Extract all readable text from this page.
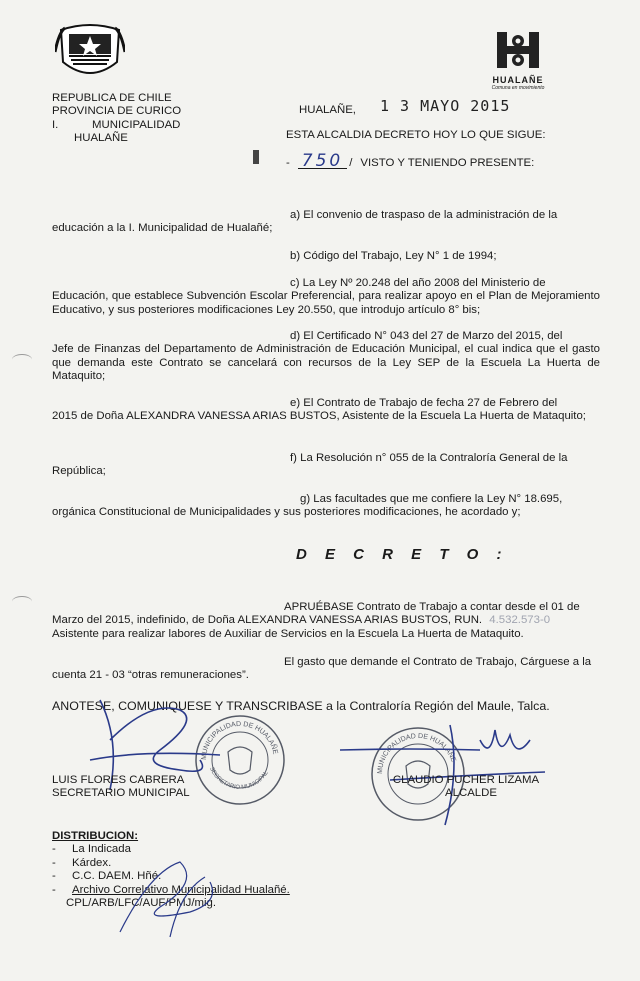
REPUBLICA DE CHILE
PROVINCIA DE CURICO
I.	MUNICIPALIDAD
HUALAÑE
HUALAÑE
Comuna en movimiento
HUALAÑE, 1 3 MAYO 2015
ESTA ALCALDIA DECRETO HOY LO QUE SIGUE:
- 750 / VISTO Y TENIENDO PRESENTE:
a) El convenio de traspaso de la administración de la
educación a la I. Municipalidad de Hualañé;
b) Código del Trabajo, Ley N° 1 de 1994;
c) La Ley Nº 20.248 del año 2008 del Ministerio de
Educación, que establece Subvención Escolar Preferencial, para realizar apoyo en el Plan de Mejoramiento Educativo, y sus posteriores modificaciones Ley 20.550, que introdujo artículo 8° bis;
d) El Certificado N° 043 del 27 de Marzo del 2015, del
Jefe de Finanzas del Departamento de Administración de Educación Municipal, el cual indica que el gasto que demanda este Contrato se cancelará con recursos de la Ley SEP de la Escuela La Huerta de Mataquito;
e) El Contrato de Trabajo de fecha 27 de Febrero del
2015 de Doña ALEXANDRA VANESSA ARIAS BUSTOS, Asistente de la Escuela La Huerta de Mataquito;
f) La Resolución n° 055 de la Contraloría General de la
República;
g) Las facultades que me confiere la Ley N° 18.695,
orgánica Constitucional de Municipalidades y sus posteriores modificaciones, he acordado y;
D E C R E T O :
APRUÉBASE Contrato de Trabajo a contar desde el 01 de
Marzo del 2015, indefinido, de Doña ALEXANDRA VANESSA ARIAS BUSTOS, RUN. 4.532.573-0
Asistente para realizar labores de Auxiliar de Servicios en la Escuela La Huerta de Mataquito.
El gasto que demande el Contrato de Trabajo, Cárguese a la
cuenta 21 - 03 “otras remuneraciones”.
ANOTESE, COMUNIQUESE Y TRANSCRIBASE a la Contraloría Región del Maule, Talca.
MUNICIPALIDAD DE HUALAÑE
SECRETARIO MUNICIPAL	MUNICIPALIDAD DE HUALAÑE
LUIS FLORES CABRERA
SECRETARIO MUNICIPAL
CLAUDIO PUCHER LIZAMA
ALCALDE
DISTRIBUCION:
-	La Indicada
-	Kárdex.
-	C.C. DAEM. Hñé.
-	Archivo Correlativo Municipalidad Hualañé.
CPL/ARB/LFC/AUF/PMJ/mig.
